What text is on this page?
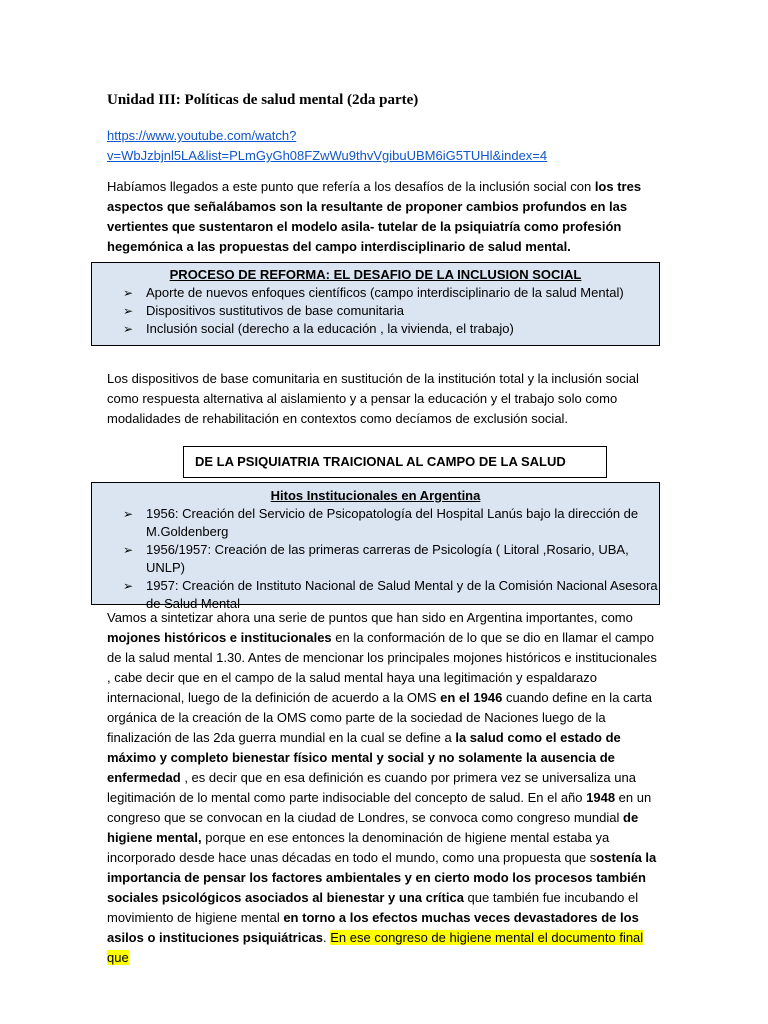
Unidad III: Políticas de salud mental (2da parte)
https://www.youtube.com/watch?
v=WbJzbjnl5LA&list=PLmGyGh08FZwWu9thvVgibuUBM6iG5TUHl&index=4
Habíamos llegados a este punto que refería a los desafíos de la inclusión social con los tres aspectos que señalábamos son la resultante de proponer cambios profundos en las vertientes que sustentaron el modelo asila- tutelar de la psiquiatría como profesión hegemónica a las propuestas del campo interdisciplinario de salud mental.
PROCESO DE REFORMA: EL DESAFIO DE LA INCLUSION SOCIAL
➢ Aporte de nuevos enfoques científicos (campo interdisciplinario de la salud Mental)
➢ Dispositivos sustitutivos de base comunitaria
➢ Inclusión social (derecho a la educación , la vivienda, el trabajo)
Los dispositivos de base comunitaria en sustitución de la institución total y la inclusión social como respuesta alternativa al aislamiento y a pensar la educación y el trabajo solo como modalidades de rehabilitación en contextos como decíamos de exclusión social.
DE LA PSIQUIATRIA TRAICIONAL AL CAMPO DE LA SALUD
Hitos Institucionales en Argentina
➢ 1956: Creación del Servicio de Psicopatología del Hospital Lanús bajo la dirección de M.Goldenberg
➢ 1956/1957: Creación de las primeras carreras de Psicología ( Litoral ,Rosario, UBA, UNLP)
➢ 1957: Creación de Instituto Nacional de Salud Mental y de la Comisión Nacional Asesora de Salud Mental
Vamos a sintetizar ahora una serie de puntos que han sido en Argentina importantes, como mojones históricos e institucionales en la conformación de lo que se dio en llamar el campo de la salud mental 1.30. Antes de mencionar los principales mojones históricos e institucionales , cabe decir que en el campo de la salud mental haya una legitimación y espaldarazo internacional, luego de la definición de acuerdo a la OMS en el 1946 cuando define en la carta orgánica de la creación de la OMS como parte de la sociedad de Naciones luego de la finalización de las 2da guerra mundial en la cual se define a la salud como el estado de máximo y completo bienestar físico mental y social y no solamente la ausencia de enfermedad , es decir que en esa definición es cuando por primera vez se universaliza una legitimación de lo mental como parte indisociable del concepto de salud. En el año 1948 en un congreso que se convocan en la ciudad de Londres, se convoca como congreso mundial de higiene mental, porque en ese entonces la denominación de higiene mental estaba ya incorporado desde hace unas décadas en todo el mundo, como una propuesta que sostenía la importancia de pensar los factores ambientales y en cierto modo los procesos también sociales psicológicos asociados al bienestar y una crítica que también fue incubando el movimiento de higiene mental en torno a los efectos muchas veces devastadores de los asilos o instituciones psiquiátricas. En ese congreso de higiene mental el documento final que
